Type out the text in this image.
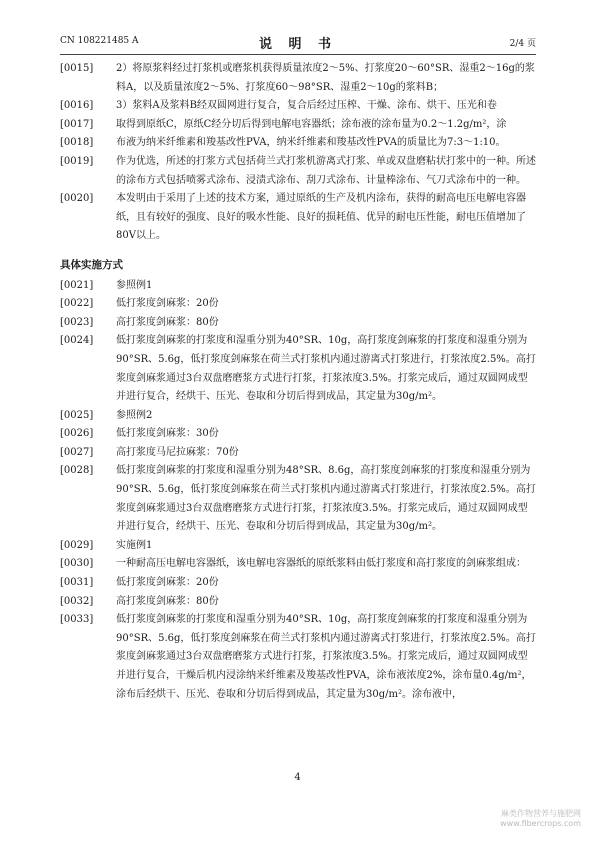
CN 108221485 A	说 明 书	2/4 页
[0015] 2）将原浆料经过打浆机或磨浆机获得质量浓度2～5%、打浆度20～60°SR、湿重2～16g的浆料A，以及质量浓度2～5%、打浆度60～98°SR、湿重2～10g的浆料B；
[0016] 3）浆料A及浆料B经双圆网进行复合，复合后经过压榨、干燥、涂布、烘干、压光和卷
[0017] 取得到原纸C，原纸C经分切后得到电解电容器纸；涂布液的涂布量为0.2～1.2g/m²，涂
[0018] 布液为纳米纤维素和羧基改性PVA，纳米纤维素和羧基改性PVA的质量比为7:3～1:10。
[0019] 作为优选，所述的打浆方式包括荷兰式打浆机游离式打浆、单或双盘磨粘状打浆中的一种。所述的涂布方式包括喷雾式涂布、浸渍式涂布、刮刀式涂布、计量棒涂布、气刀式涂布中的一种。
[0020] 本发明由于采用了上述的技术方案，通过原纸的生产及机内涂布，获得的耐高电压电解电容器纸，且有较好的强度、良好的吸水性能、良好的损耗值、优异的耐电压性能，耐电压值增加了80V以上。
具体实施方式
[0021] 参照例1
[0022] 低打浆度剑麻浆：20份
[0023] 高打浆度剑麻浆：80份
[0024] 低打浆度剑麻浆的打浆度和湿重分别为40°SR、10g，高打浆度剑麻浆的打浆度和湿重分别为90°SR、5.6g，低打浆度剑麻浆在荷兰式打浆机内通过游离式打浆进行，打浆浓度2.5%。高打浆度剑麻浆通过3台双盘磨磨浆方式进行打浆，打浆浓度3.5%。打浆完成后，通过双圆网成型并进行复合，经烘干、压光、卷取和分切后得到成品，其定量为30g/m²。
[0025] 参照例2
[0026] 低打浆度剑麻浆：30份
[0027] 高打浆度马尼拉麻浆：70份
[0028] 低打浆度剑麻浆的打浆度和湿重分别为48°SR、8.6g，高打浆度剑麻浆的打浆度和湿重分别为90°SR、5.6g，低打浆度剑麻浆在荷兰式打浆机内通过游离式打浆进行，打浆浓度2.5%。高打浆度剑麻浆通过3台双盘磨磨浆方式进行打浆，打浆浓度3.5%。打浆完成后，通过双圆网成型并进行复合，经烘干、压光、卷取和分切后得到成品，其定量为30g/m²。
[0029] 实施例1
[0030] 一种耐高压电解电容器纸，该电解电容器纸的原纸浆料由低打浆度和高打浆度的剑麻浆组成：
[0031] 低打浆度剑麻浆：20份
[0032] 高打浆度剑麻浆：80份
[0033] 低打浆度剑麻浆的打浆度和湿重分别为40°SR、10g，高打浆度剑麻浆的打浆度和湿重分别为90°SR、5.6g，低打浆度剑麻浆在荷兰式打浆机内通过游离式打浆进行，打浆浓度2.5%。高打浆度剑麻浆通过3台双盘磨磨浆方式进行打浆，打浆浓度3.5%。打浆完成后，通过双圆网成型并进行复合，干燥后机内浸涂纳米纤维素及羧基改性PVA，涂布液浓度2%，涂布量0.4g/m²，涂布后经烘干、压光、卷取和分切后得到成品，其定量为30g/m²。涂布液中，
4
麻类作物营养与施肥网
www.fibercrops.com
